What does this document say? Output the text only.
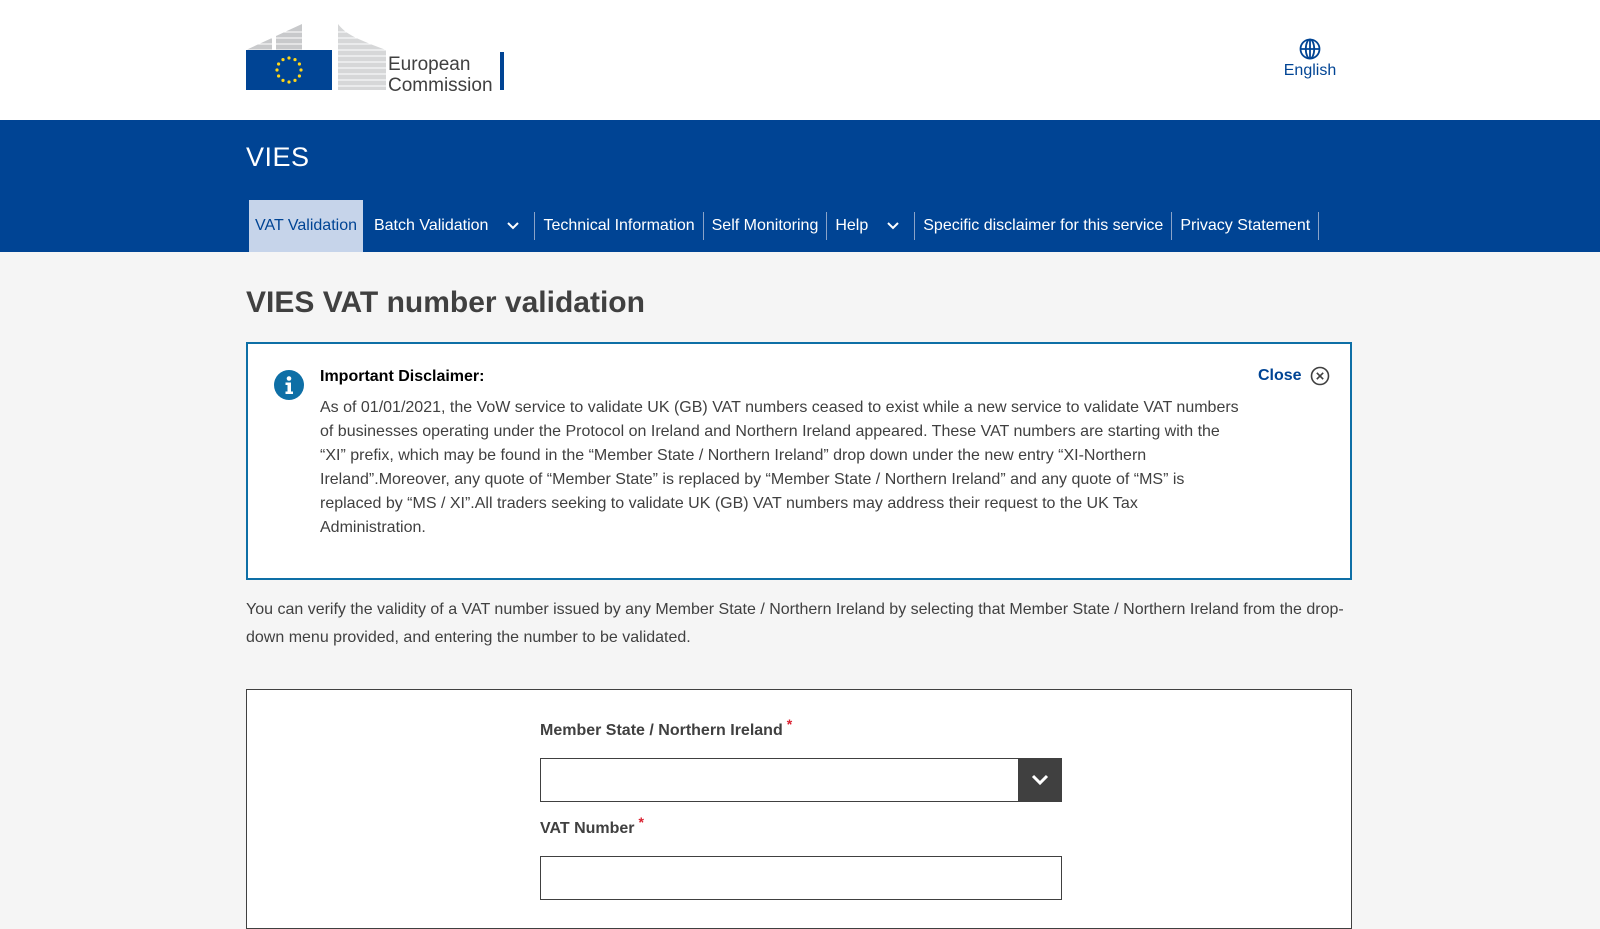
European
Commission
English
VIES
VAT Validation Batch Validation	Technical Information Self Monitoring Help	Specific disclaimer for this service Privacy Statement
VIES VAT number validation
Important Disclaimer:
As of 01/01/2021, the VoW service to validate UK (GB) VAT numbers ceased to exist while a new service to validate VAT numbers of businesses operating under the Protocol on Ireland and Northern Ireland appeared. These VAT numbers are starting with the “XI” prefix, which may be found in the “Member State / Northern Ireland” drop down under the new entry “XI-Northern Ireland”.Moreover, any quote of “Member State” is replaced by “Member State / Northern Ireland” and any quote of “MS” is replaced by “MS / XI”.All traders seeking to validate UK (GB) VAT numbers may address their request to the UK Tax Administration.
Close

You can verify the validity of a VAT number issued by any Member State / Northern Ireland by selecting that Member State / Northern Ireland from the drop-down menu provided, and entering the number to be validated.

Member State / Northern Ireland *
VAT Number *
